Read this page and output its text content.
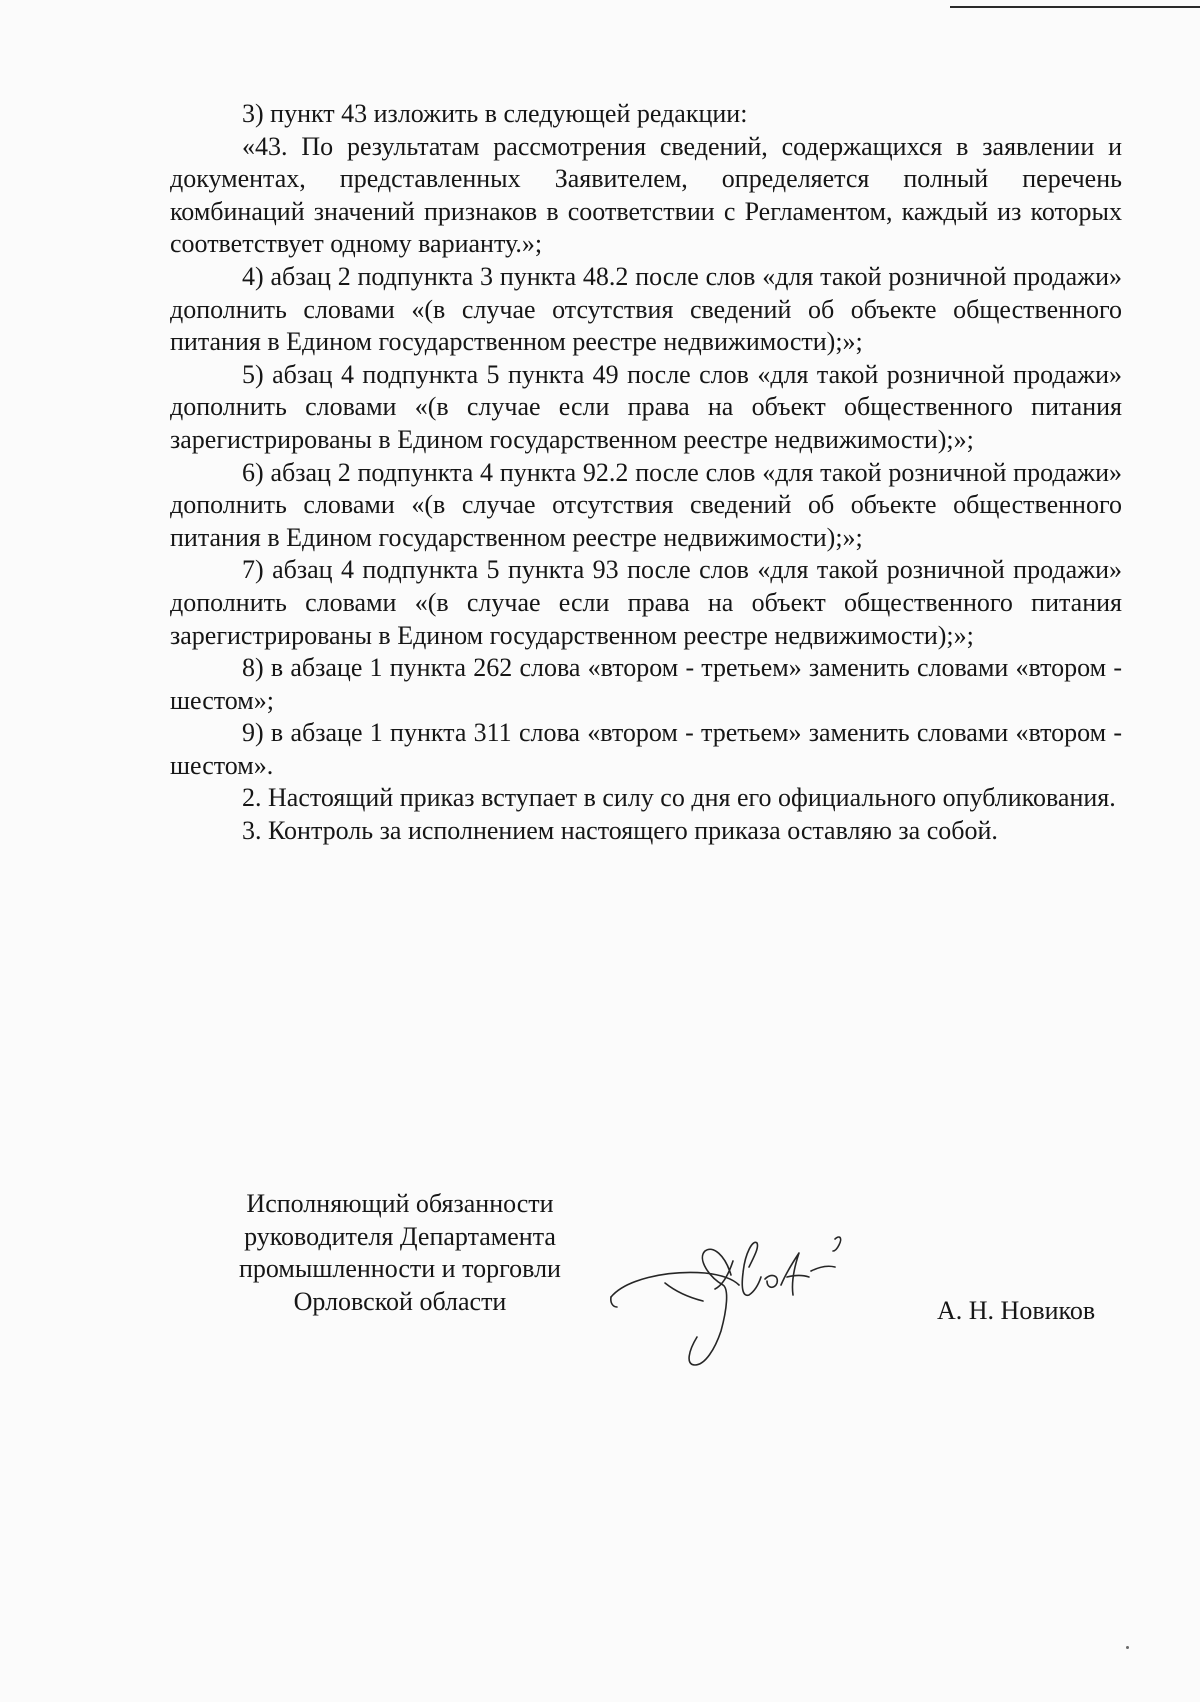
3) пункт 43 изложить в следующей редакции:

«43. По результатам рассмотрения сведений, содержащихся в заявлении и документах, представленных Заявителем, определяется полный перечень комбинаций значений признаков в соответствии с Регламентом, каждый из которых соответствует одному варианту.»;

4) абзац 2 подпункта 3 пункта 48.2 после слов «для такой розничной продажи» дополнить словами «(в случае отсутствия сведений об объекте общественного питания в Едином государственном реестре недвижимости);»;

5) абзац 4 подпункта 5 пункта 49 после слов «для такой розничной продажи» дополнить словами «(в случае если права на объект общественного питания зарегистрированы в Едином государственном реестре недвижимости);»;

6) абзац 2 подпункта 4 пункта 92.2 после слов «для такой розничной продажи» дополнить словами «(в случае отсутствия сведений об объекте общественного питания в Едином государственном реестре недвижимости);»;

7) абзац 4 подпункта 5 пункта 93 после слов «для такой розничной продажи» дополнить словами «(в случае если права на объект общественного питания зарегистрированы в Едином государственном реестре недвижимости);»;

8) в абзаце 1 пункта 262 слова «втором - третьем» заменить словами «втором - шестом»;

9) в абзаце 1 пункта 311 слова «втором - третьем» заменить словами «втором - шестом».

2. Настоящий приказ вступает в силу со дня его официального опубликования.

3. Контроль за исполнением настоящего приказа оставляю за собой.

Исполняющий обязанности
руководителя Департамента
промышленности и торговли
Орловской области	А. Н. Новиков
